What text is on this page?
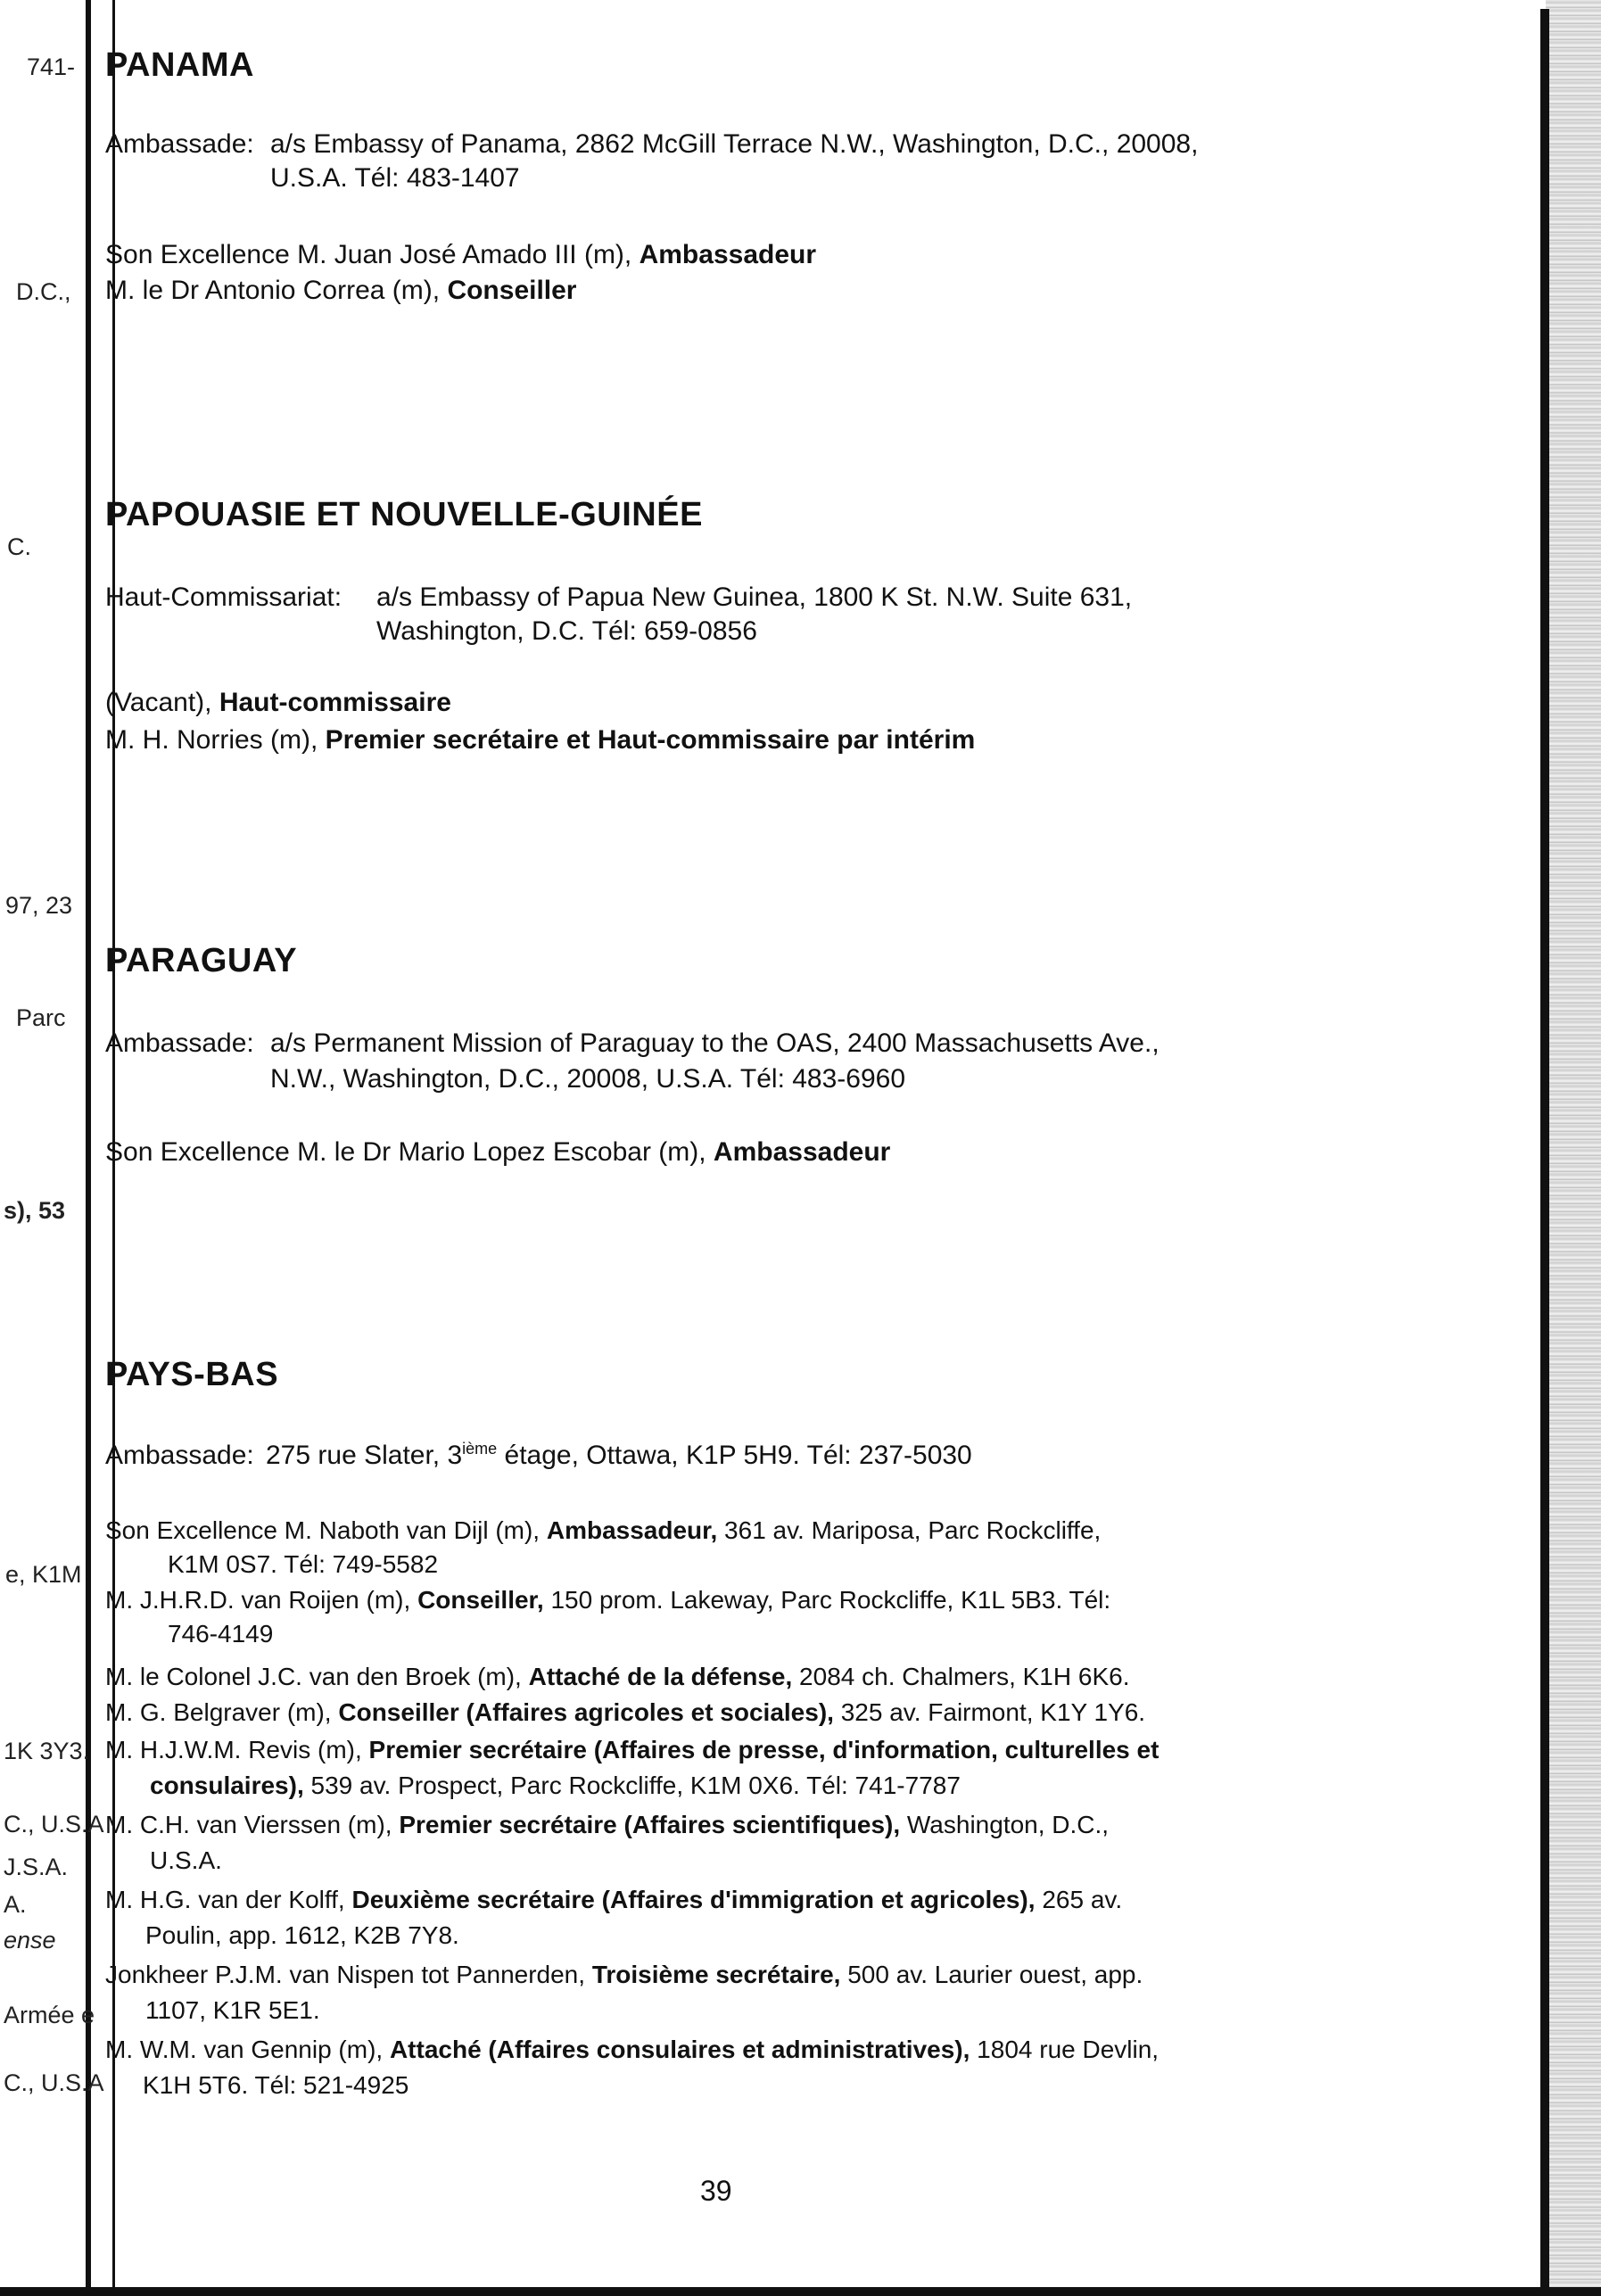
741-
D.C.,
C.
97, 23
Parc
s), 53
e, K1M
1K 3Y3.
C., U.S.A
J.S.A.
A.
ense
Armée e
C., U.S.A
PANAMA
Ambassade: a/s Embassy of Panama, 2862 McGill Terrace N.W., Washington, D.C., 20008,
U.S.A. Tél: 483-1407
Son Excellence M. Juan José Amado III (m), Ambassadeur
M. le Dr Antonio Correa (m), Conseiller
PAPOUASIE ET NOUVELLE-GUINÉE
Haut-Commissariat: a/s Embassy of Papua New Guinea, 1800 K St. N.W. Suite 631,
Washington, D.C. Tél: 659-0856
(Vacant), Haut-commissaire
M. H. Norries (m), Premier secrétaire et Haut-commissaire par intérim
PARAGUAY
Ambassade: a/s Permanent Mission of Paraguay to the OAS, 2400 Massachusetts Ave.,
N.W., Washington, D.C., 20008, U.S.A. Tél: 483-6960
Son Excellence M. le Dr Mario Lopez Escobar (m), Ambassadeur
PAYS-BAS
Ambassade: 275 rue Slater, 3ième étage, Ottawa, K1P 5H9. Tél: 237-5030
Son Excellence M. Naboth van Dijl (m), Ambassadeur, 361 av. Mariposa, Parc Rockcliffe,
K1M 0S7. Tél: 749-5582
M. J.H.R.D. van Roijen (m), Conseiller, 150 prom. Lakeway, Parc Rockcliffe, K1L 5B3. Tél:
746-4149
M. le Colonel J.C. van den Broek (m), Attaché de la défense, 2084 ch. Chalmers, K1H 6K6.
M. G. Belgraver (m), Conseiller (Affaires agricoles et sociales), 325 av. Fairmont, K1Y 1Y6.
M. H.J.W.M. Revis (m), Premier secrétaire (Affaires de presse, d'information, culturelles et
consulaires), 539 av. Prospect, Parc Rockcliffe, K1M 0X6. Tél: 741-7787
M. C.H. van Vierssen (m), Premier secrétaire (Affaires scientifiques), Washington, D.C.,
U.S.A.
M. H.G. van der Kolff, Deuxième secrétaire (Affaires d'immigration et agricoles), 265 av.
Poulin, app. 1612, K2B 7Y8.
Jonkheer P.J.M. van Nispen tot Pannerden, Troisième secrétaire, 500 av. Laurier ouest, app.
1107, K1R 5E1.
M. W.M. van Gennip (m), Attaché (Affaires consulaires et administratives), 1804 rue Devlin,
K1H 5T6. Tél: 521-4925
39
